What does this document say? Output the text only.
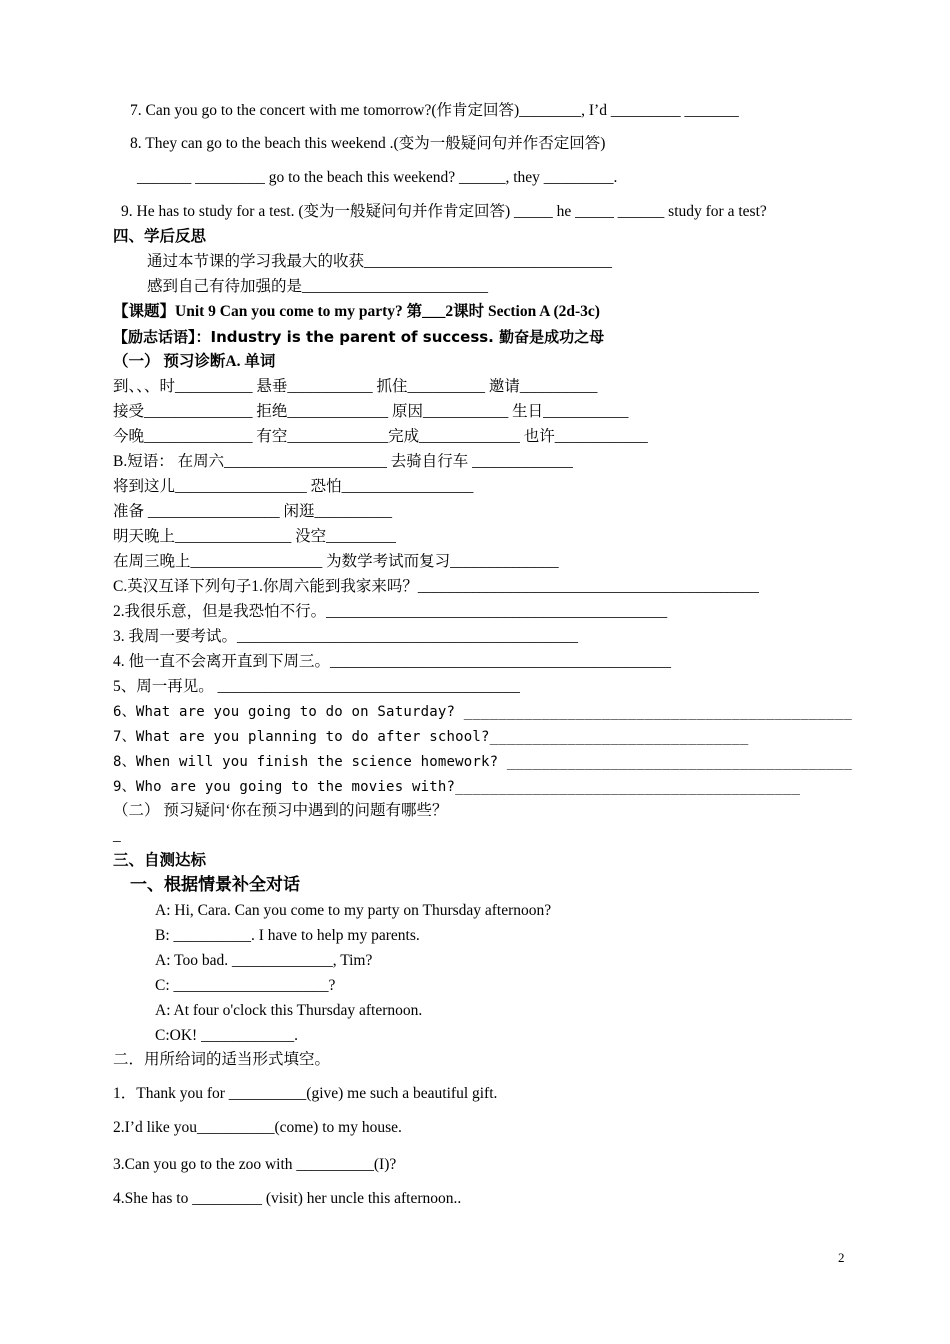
7. Can you go to the concert with me tomorrow?(作肯定回答)________, I’d _________ _______
8. They can go to the beach this weekend .(变为一般疑问句并作否定回答)
_______ _________ go to the beach this weekend? ______, they _________.
9. He has to study for a test. (变为一般疑问句并作肯定回答) _____ he _____ ______ study for a test?
四、学后反思
通过本节课的学习我最大的收获________________________________
感到自己有待加强的是________________________
【课题】Unit 9 Can you come to my party? 第___2课时 Section A (2d-3c)
【励志话语】：Industry is the parent of success. 勤奋是成功之母
（一） 预习诊断A. 单词
到、、、时__________ 悬垂___________ 抓住__________ 邀请__________
接受______________ 拒绝_____________ 原因___________ 生日___________
今晚______________ 有空_____________完成_____________ 也许____________
B.短语： 在周六_____________________ 去骑自行车 _____________
将到这儿_________________ 恐怕_________________
准备 _________________ 闲逛__________
明天晚上_______________ 没空_________
在周三晚上_________________ 为数学考试而复习______________
C.英汉互译下列句子1.你周六能到我家来吗？____________________________________________
2.我很乐意，但是我恐怕不行。____________________________________________
3. 我周一要考试。____________________________________________
4. 他一直不会离开直到下周三。____________________________________________
5、周一再见。 _______________________________________
6、What are you going to do on Saturday? _____________________________________________
7、What are you planning to do after school?______________________________
8、When will you finish the science homework? ________________________________________
9、Who are you going to the movies with?________________________________________
（二） 预习疑问‘你在预习中遇到的问题有哪些？
_
三、自测达标
一、根据情景补全对话
A: Hi, Cara. Can you come to my party on Thursday afternoon?
B: __________. I have to help my parents.
A: Too bad. _____________, Tim?
C: ____________________?
A: At four o'clock this Thursday afternoon.
C:OK! ____________.
二．用所给词的适当形式填空。
1．Thank you for __________(give) me such a beautiful gift.
2.I’d like you__________(come) to my house.
3.Can you go to the zoo with __________(I)?
4.She has to _________ (visit) her uncle this afternoon..
2
